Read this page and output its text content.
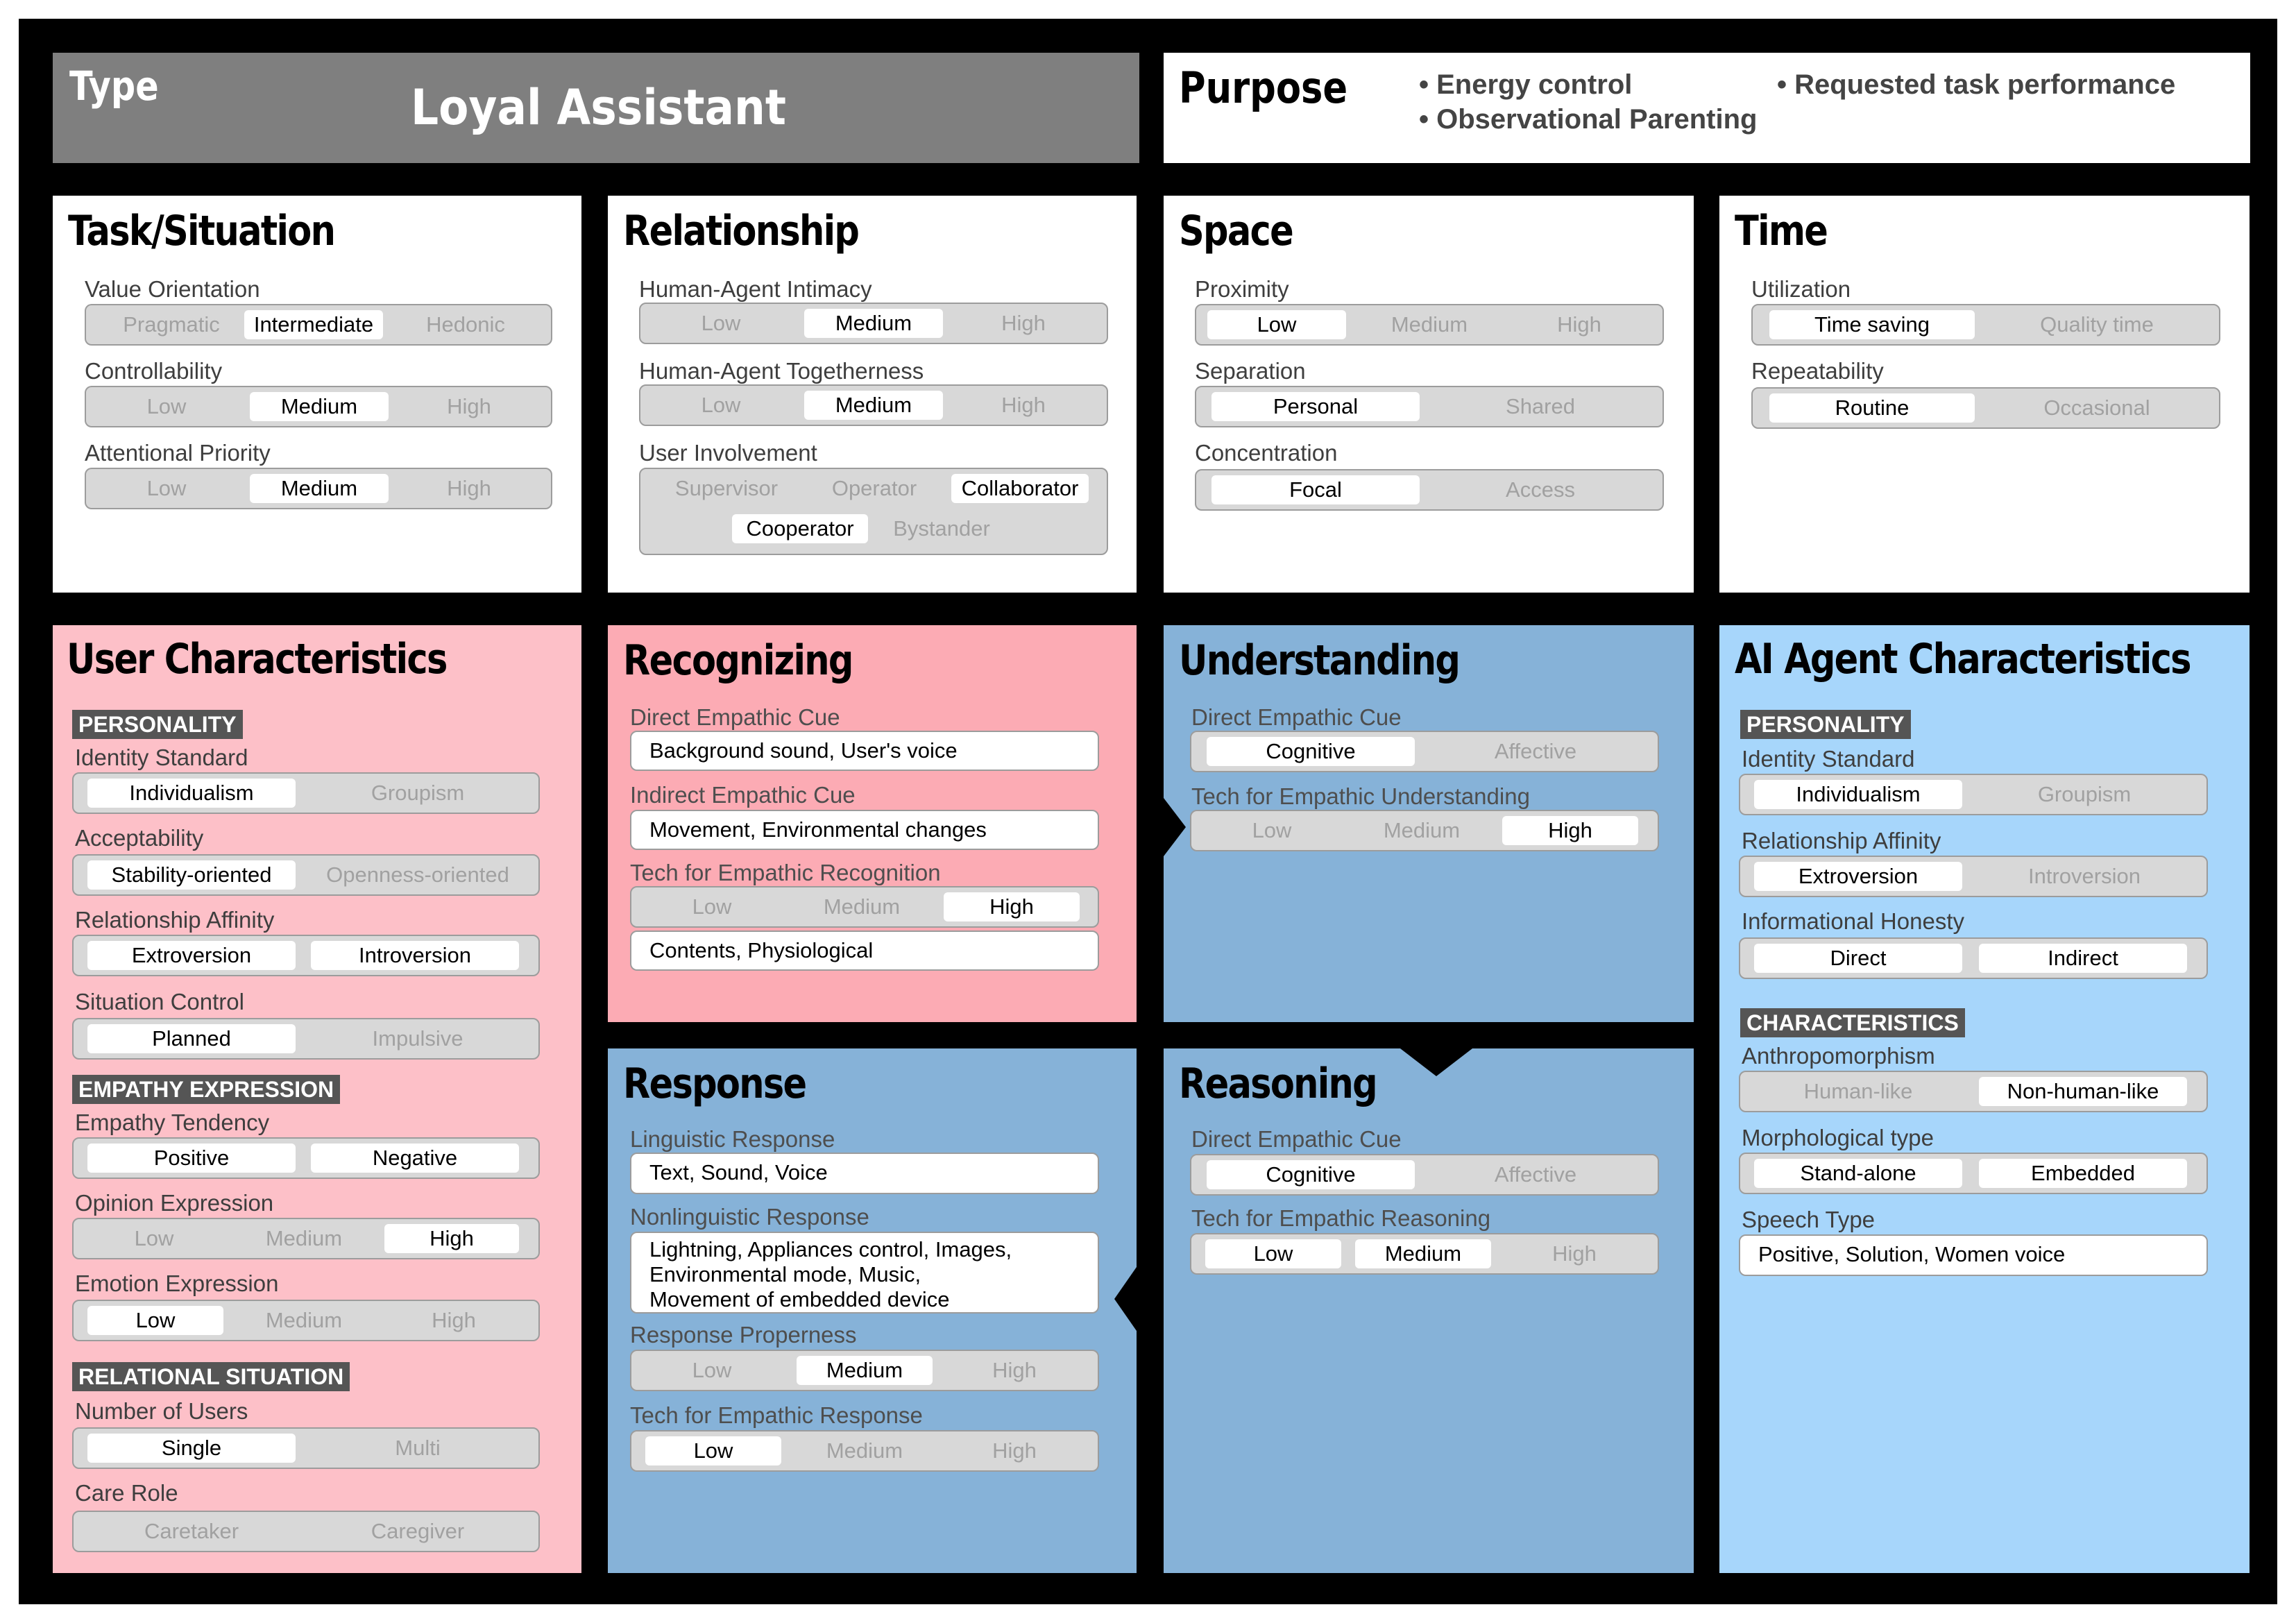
Type	Loyal Assistant	Purpose	• Energy control
• Observational Parenting
• Requested task performance
Task/Situation
Value Orientation
Pragmatic	Intermediate	Hedonic
Controllability
Low	Medium	High
Attentional Priority
Low	Medium	High
Relationship
Human-Agent Intimacy
Low	Medium	High
Human-Agent Togetherness
Low	Medium	High
User Involvement
Supervisor	Operator	Collaborator
Cooperator	Bystander
Space
Proximity
Low	Medium	High
Separation
Personal	Shared
Concentration
Focal	Access
Time
Utilization
Time saving	Quality time
Repeatability
Routine	Occasional
User Characteristics
PERSONALITY
Identity Standard
Individualism	Groupism
Acceptability
Stability-oriented	Openness-oriented
Relationship Affinity
Extroversion	Introversion
Situation Control
Planned	Impulsive
EMPATHY EXPRESSION
Empathy Tendency
Positive	Negative
Opinion Expression
Low	Medium	High
Emotion Expression
Low	Medium	High
RELATIONAL SITUATION
Number of Users
Single	Multi
Care Role
Caretaker	Caregiver
Recognizing
Direct Empathic Cue
Background sound, User's voice
Indirect Empathic Cue
Movement, Environmental changes
Tech for Empathic Recognition
Low	Medium	High
Contents, Physiological
Understanding
Direct Empathic Cue
Cognitive	Affective
Tech for Empathic Understanding
Low	Medium	High
AI Agent Characteristics
PERSONALITY
Identity Standard
Individualism	Groupism
Relationship Affinity
Extroversion	Introversion
Informational Honesty
Direct	Indirect
CHARACTERISTICS
Anthropomorphism
Human-like	Non-human-like
Morphological type
Stand-alone	Embedded
Speech Type
Positive, Solution, Women voice
Response
Linguistic Response
Text, Sound, Voice
Nonlinguistic Response
Lightning, Appliances control, Images,
Environmental mode, Music,
Movement of embedded device
Response Properness
Low	Medium	High
Tech for Empathic Response
Low	Medium	High
Reasoning
Direct Empathic Cue
Cognitive	Affective
Tech for Empathic Reasoning
Low	Medium	High
